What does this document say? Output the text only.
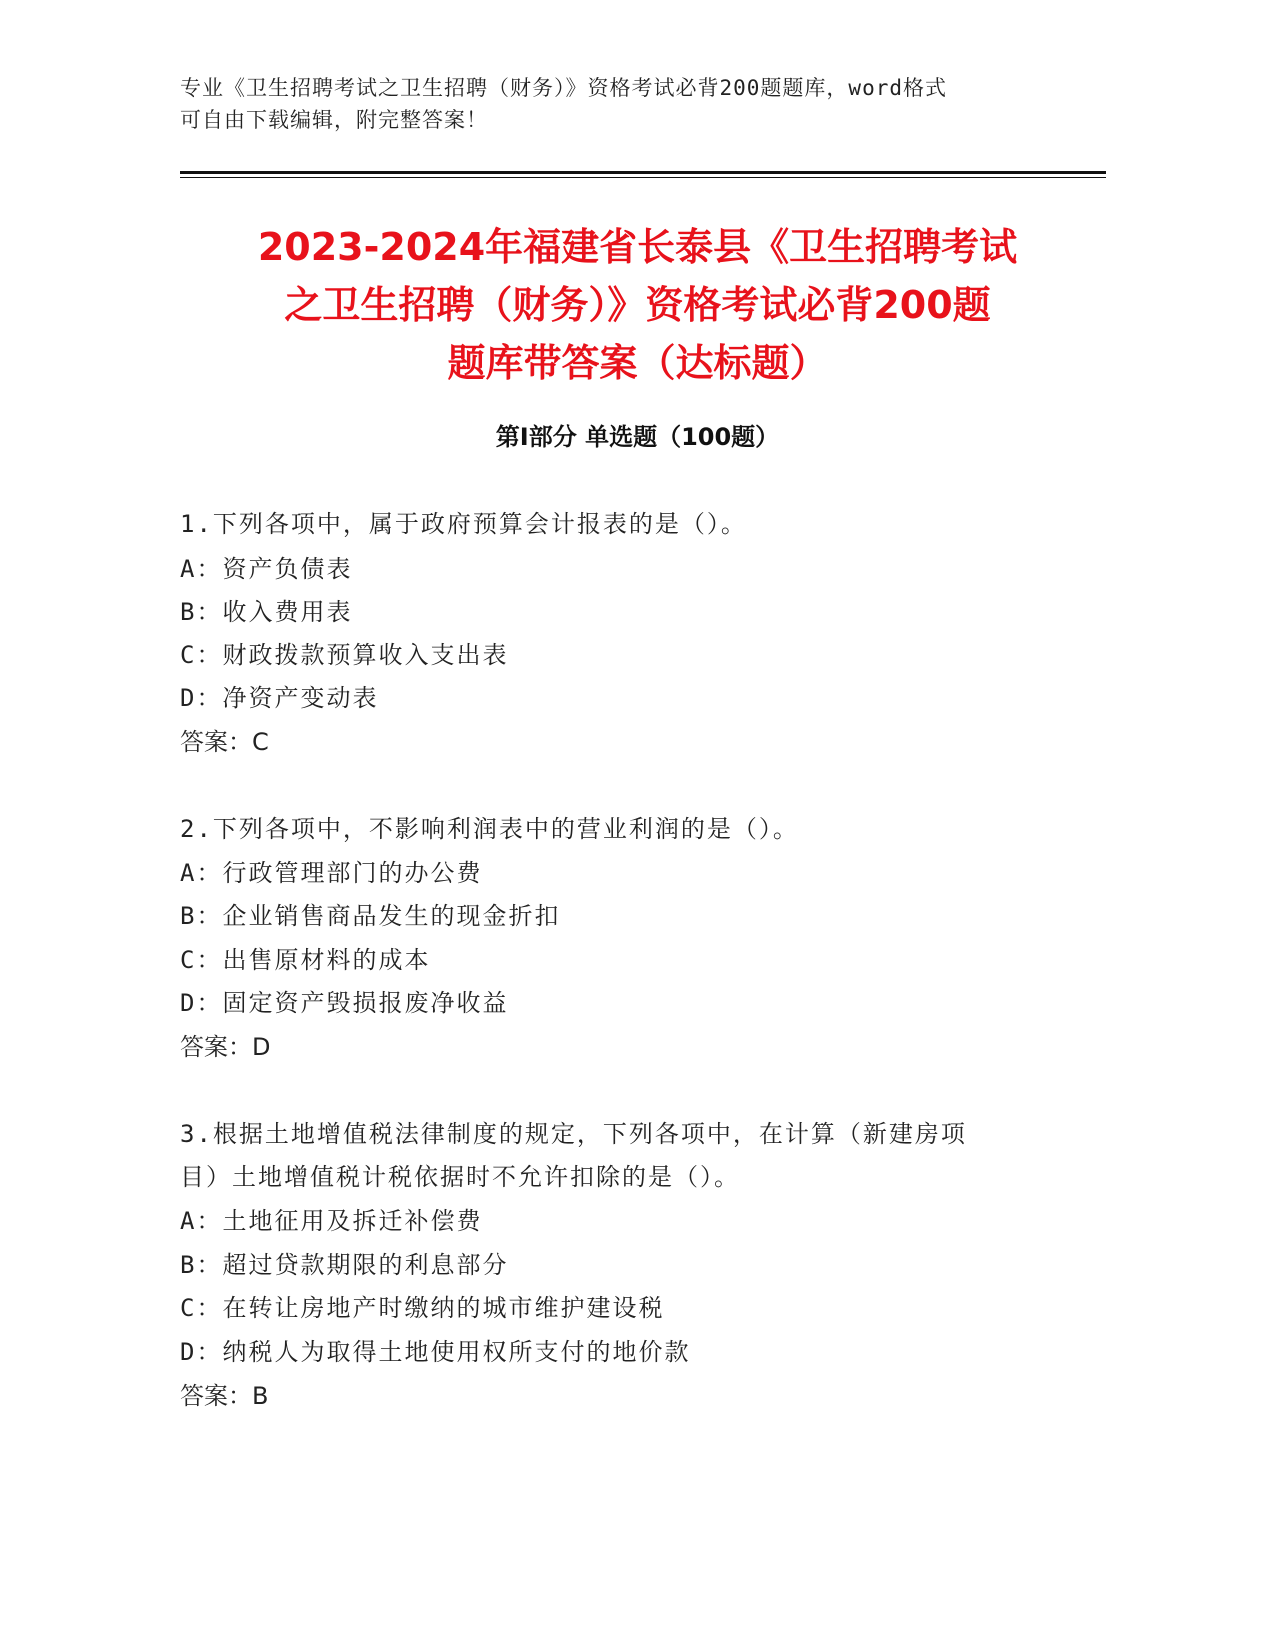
专业《卫生招聘考试之卫生招聘（财务）》资格考试必背200题题库，word格式
可自由下载编辑，附完整答案！
2023-2024年福建省长泰县《卫生招聘考试
之卫生招聘（财务）》资格考试必背200题
题库带答案（达标题）
第I部分 单选题（100题）
1.下列各项中，属于政府预算会计报表的是（）。
A：资产负债表
B：收入费用表
C：财政拨款预算收入支出表
D：净资产变动表
答案：C
2.下列各项中，不影响利润表中的营业利润的是（）。
A：行政管理部门的办公费
B：企业销售商品发生的现金折扣
C：出售原材料的成本
D：固定资产毁损报废净收益
答案：D
3.根据土地增值税法律制度的规定，下列各项中，在计算（新建房项
目）土地增值税计税依据时不允许扣除的是（）。
A：土地征用及拆迁补偿费
B：超过贷款期限的利息部分
C：在转让房地产时缴纳的城市维护建设税
D：纳税人为取得土地使用权所支付的地价款
答案：B
